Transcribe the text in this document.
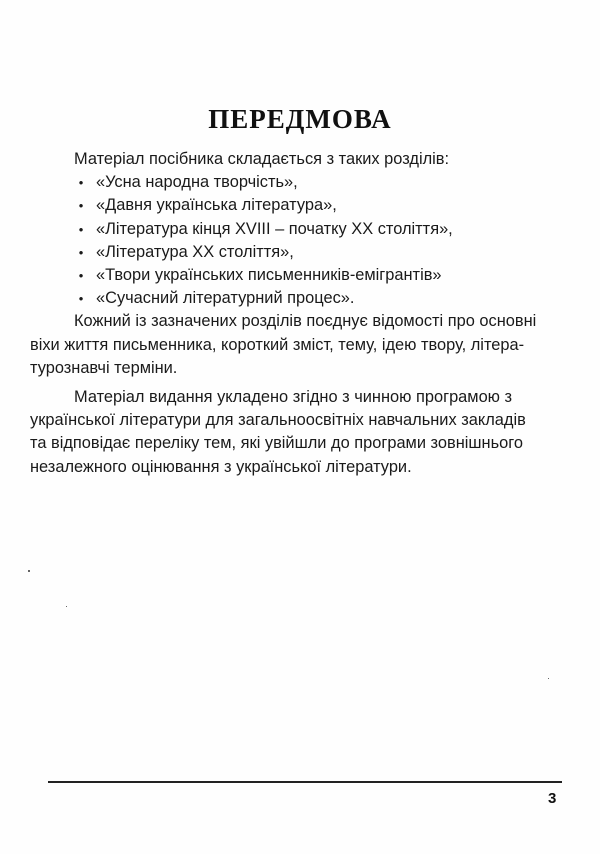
ПЕРЕДМОВА
Матеріал посібника складається з таких розділів:
• «Усна народна творчість»,
• «Давня українська література»,
• «Література кінця XVIII – початку XX століття»,
• «Література XX століття»,
• «Твори українських письменників-емігрантів»
• «Сучасний літературний процес».
Кожний із зазначених розділів поєднує відомості про основні
віхи життя письменника, короткий зміст, тему, ідею твору, літера-
турознавчі терміни.
Матеріал видання укладено згідно з чинною програмою з
української літератури для загальноосвітніх навчальних закладів
та відповідає переліку тем, які увійшли до програми зовнішнього
незалежного оцінювання з української літератури.
3
